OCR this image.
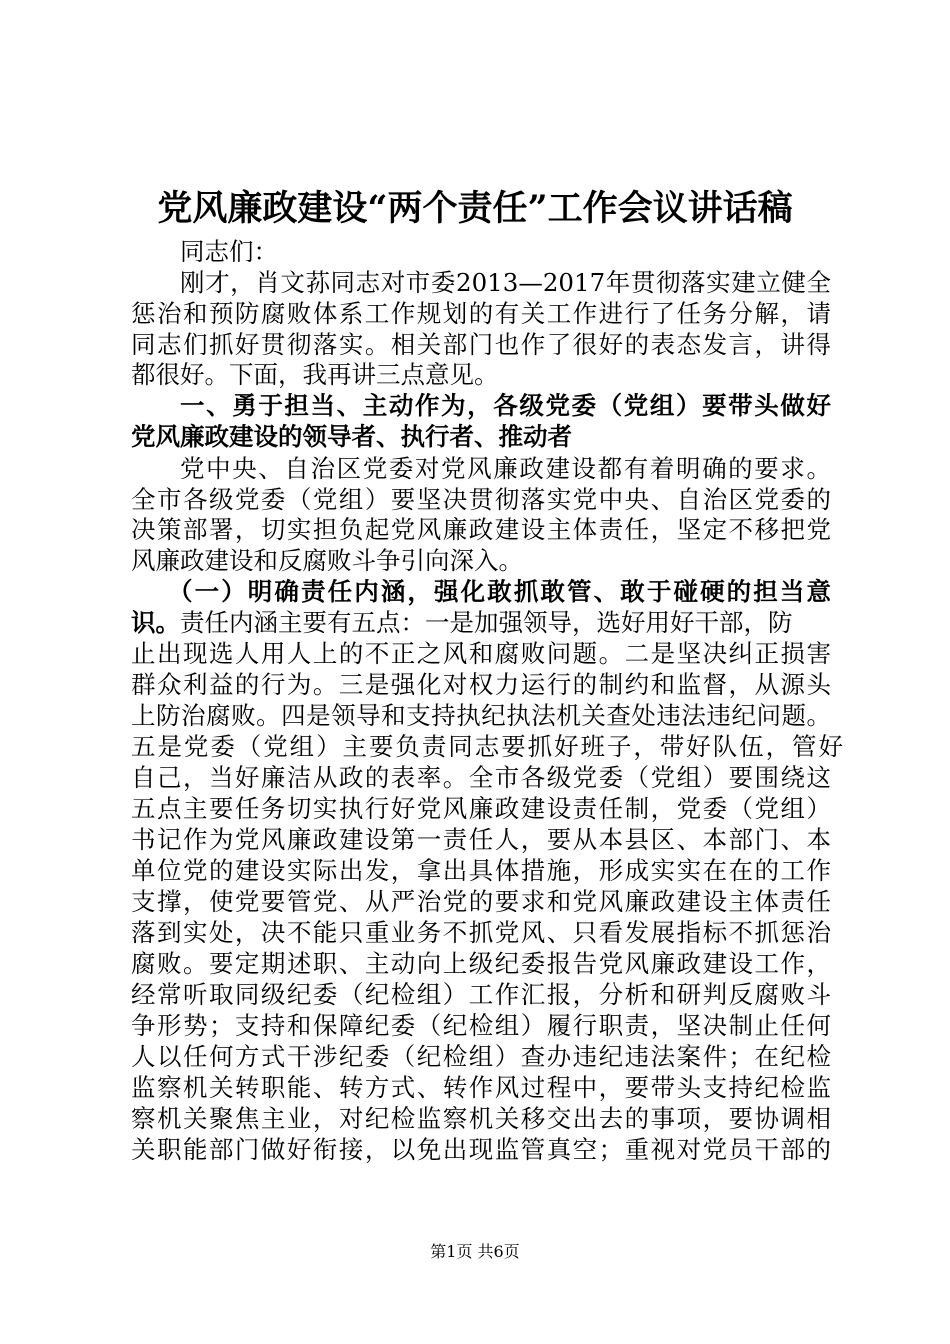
党风廉政建设“两个责任”工作会议讲话稿
同志们：
刚才，肖文荪同志对市委2013—2017年贯彻落实建立健全
惩治和预防腐败体系工作规划的有关工作进行了任务分解，请
同志们抓好贯彻落实。相关部门也作了很好的表态发言，讲得
都很好。下面，我再讲三点意见。
一、勇于担当、主动作为，各级党委（党组）要带头做好
党风廉政建设的领导者、执行者、推动者
党中央、自治区党委对党风廉政建设都有着明确的要求。
全市各级党委（党组）要坚决贯彻落实党中央、自治区党委的
决策部署，切实担负起党风廉政建设主体责任，坚定不移把党
风廉政建设和反腐败斗争引向深入。
（一）明确责任内涵，强化敢抓敢管、敢于碰硬的担当意
识。责任内涵主要有五点：一是加强领导，选好用好干部，防
止出现选人用人上的不正之风和腐败问题。二是坚决纠正损害
群众利益的行为。三是强化对权力运行的制约和监督，从源头
上防治腐败。四是领导和支持执纪执法机关查处违法违纪问题。
五是党委（党组）主要负责同志要抓好班子，带好队伍，管好
自己，当好廉洁从政的表率。全市各级党委（党组）要围绕这
五点主要任务切实执行好党风廉政建设责任制，党委（党组）
书记作为党风廉政建设第一责任人，要从本县区、本部门、本
单位党的建设实际出发，拿出具体措施，形成实实在在的工作
支撑，使党要管党、从严治党的要求和党风廉政建设主体责任
落到实处，决不能只重业务不抓党风、只看发展指标不抓惩治
腐败。要定期述职、主动向上级纪委报告党风廉政建设工作，
经常听取同级纪委（纪检组）工作汇报，分析和研判反腐败斗
争形势；支持和保障纪委（纪检组）履行职责，坚决制止任何
人以任何方式干涉纪委（纪检组）查办违纪违法案件；在纪检
监察机关转职能、转方式、转作风过程中，要带头支持纪检监
察机关聚焦主业，对纪检监察机关移交出去的事项，要协调相
关职能部门做好衔接，以免出现监管真空；重视对党员干部的
第1页 共6页
